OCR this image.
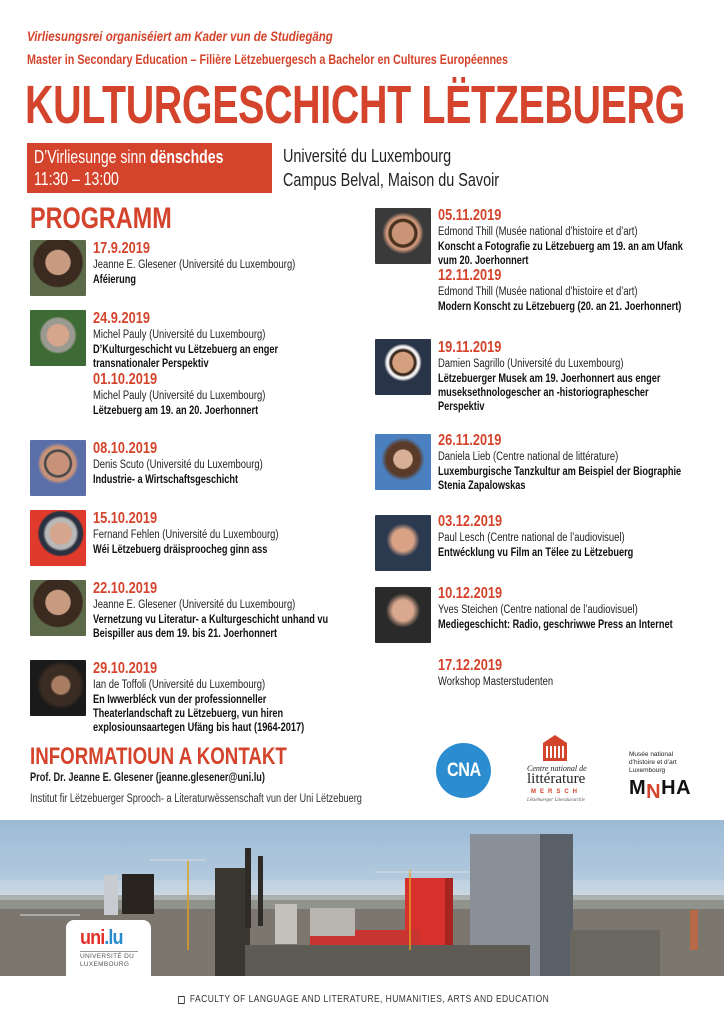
Virliesungsrei organiséiert am Kader vun de Studiegäng
Master in Secondary Education – Filière Lëtzebuergesch a Bachelor en Cultures Européennes
KULTURGESCHICHT LËTZEBUERG
D’Virliesunge sinn dënschdes
11:30 – 13:00
Université du Luxembourg
Campus Belval, Maison du Savoir
PROGRAMM
17.9.2019
Jeanne E. Glesener (Université du Luxembourg)
Aféierung
24.9.2019
Michel Pauly (Université du Luxembourg)
D’Kulturgeschicht vu Lëtzebuerg an enger
transnationaler Perspektiv
01.10.2019
Michel Pauly (Université du Luxembourg)
Lëtzebuerg am 19. an 20. Joerhonnert
08.10.2019
Denis Scuto (Université du Luxembourg)
Industrie- a Wirtschaftsgeschicht
15.10.2019
Fernand Fehlen (Université du Luxembourg)
Wéi Lëtzebuerg dräisproocheg ginn ass
22.10.2019
Jeanne E. Glesener (Université du Luxembourg)
Vernetzung vu Literatur- a Kulturgeschicht unhand vu
Beispiller aus dem 19. bis 21. Joerhonnert
29.10.2019
Ian de Toffoli (Université du Luxembourg)
En Iwwerbléck vun der professionneller
Theaterlandschaft zu Lëtzebuerg, vun hiren
explosiounsaartegen Ufäng bis haut (1964-2017)
05.11.2019
Edmond Thill (Musée national d’histoire et d’art)
Konscht a Fotografie zu Lëtzebuerg am 19. an am Ufank
vum 20. Joerhonnert
12.11.2019
Edmond Thill (Musée national d’histoire et d’art)
Modern Konscht zu Lëtzebuerg (20. an 21. Joerhonnert)
19.11.2019
Damien Sagrillo (Université du Luxembourg)
Lëtzebuerger Musek am 19. Joerhonnert aus enger
museksethnologescher an -historiographescher
Perspektiv
26.11.2019
Daniela Lieb (Centre national de littérature)
Luxemburgische Tanzkultur am Beispiel der Biographie
Stenia Zapalowskas
03.12.2019
Paul Lesch (Centre national de l’audiovisuel)
Entwécklung vu Film an Tëlee zu Lëtzebuerg
10.12.2019
Yves Steichen (Centre national de l’audiovisuel)
Mediegeschicht: Radio, geschriwwe Press an Internet
17.12.2019
Workshop Masterstudenten
INFORMATIOUN A KONTAKT
Prof. Dr. Jeanne E. Glesener (jeanne.glesener@uni.lu)
Institut fir Lëtzebuerger Sprooch- a Literaturwëssenschaft vun der Uni Lëtzebuerg
CNA	Centre national de
littérature
MERSCH
Lëtzebuerger Literaturarchiv
Musée national
d’histoire et d’art
Luxembourg
MNHA
uni.lu
UNIVERSITÉ DU
LUXEMBOURG
FACULTY OF LANGUAGE AND LITERATURE, HUMANITIES, ARTS AND EDUCATION
